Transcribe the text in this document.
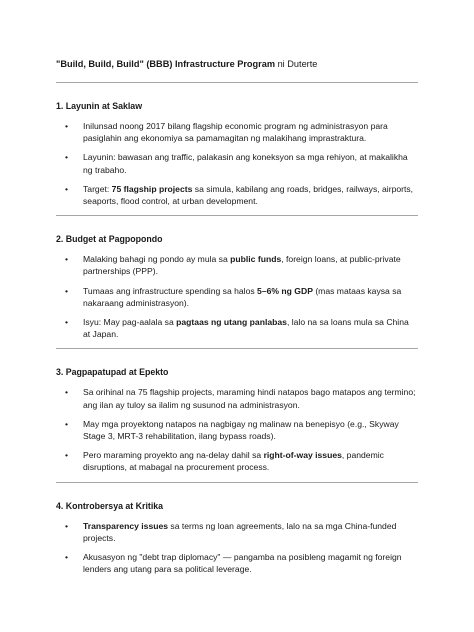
"Build, Build, Build" (BBB) Infrastructure Program ni Duterte

1. Layunin at Saklaw

• Inilunsad noong 2017 bilang flagship economic program ng administrasyon para pasiglahin ang ekonomiya sa pamamagitan ng malakihang imprastraktura.
• Layunin: bawasan ang traffic, palakasin ang koneksyon sa mga rehiyon, at makalikha ng trabaho.
• Target: 75 flagship projects sa simula, kabilang ang roads, bridges, railways, airports, seaports, flood control, at urban development.

2. Budget at Pagpopondo

• Malaking bahagi ng pondo ay mula sa public funds, foreign loans, at public-private partnerships (PPP).
• Tumaas ang infrastructure spending sa halos 5–6% ng GDP (mas mataas kaysa sa nakaraang administrasyon).
• Isyu: May pag-aalala sa pagtaas ng utang panlabas, lalo na sa loans mula sa China at Japan.

3. Pagpapatupad at Epekto

• Sa orihinal na 75 flagship projects, maraming hindi natapos bago matapos ang termino; ang ilan ay tuloy sa ilalim ng susunod na administrasyon.
• May mga proyektong natapos na nagbigay ng malinaw na benepisyo (e.g., Skyway Stage 3, MRT-3 rehabilitation, ilang bypass roads).
• Pero maraming proyekto ang na-delay dahil sa right-of-way issues, pandemic disruptions, at mabagal na procurement process.

4. Kontrobersya at Kritika

• Transparency issues sa terms ng loan agreements, lalo na sa mga China-funded projects.
• Akusasyon ng "debt trap diplomacy" — pangamba na posibleng magamit ng foreign lenders ang utang para sa political leverage.
